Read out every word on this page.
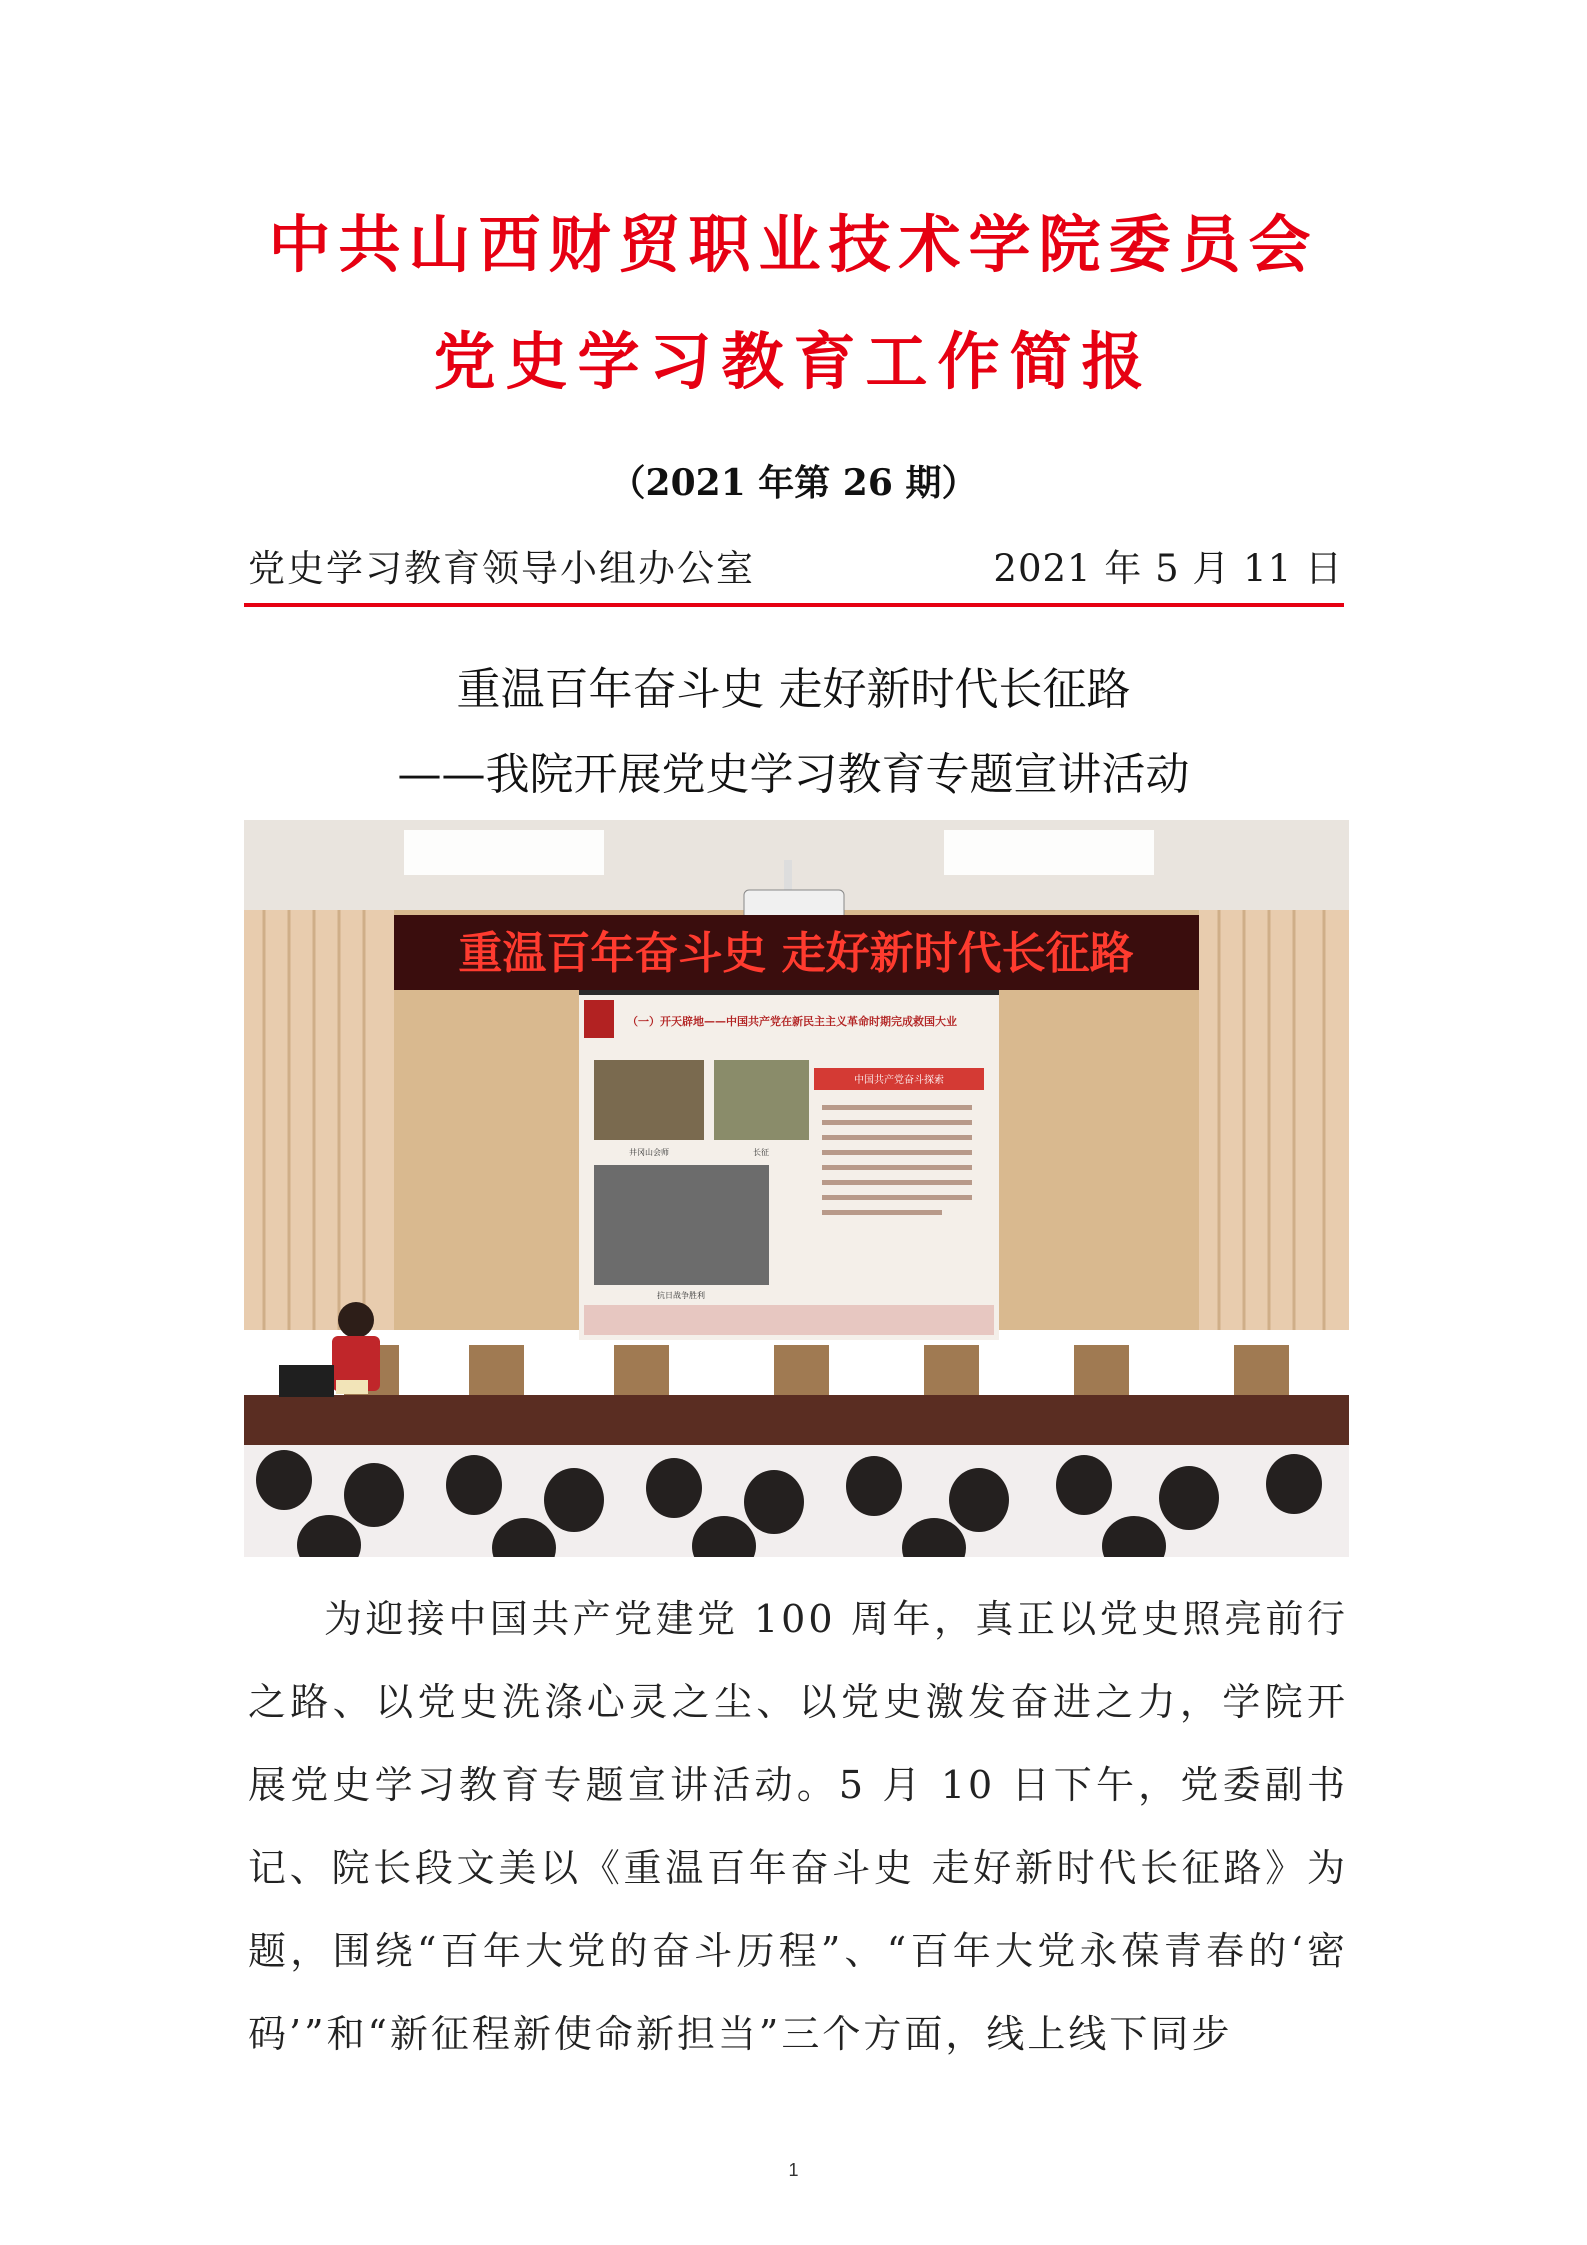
中共山西财贸职业技术学院委员会
党史学习教育工作简报
（2021 年第 26 期）
党史学习教育领导小组办公室	2021 年 5 月 11 日
重温百年奋斗史 走好新时代长征路
——我院开展党史学习教育专题宣讲活动
重温百年奋斗史 走好新时代长征路
（一）开天辟地——中国共产党在新民主主义革命时期完成救国大业
井冈山会师	长征
抗日战争胜利
中国共产党奋斗探索

为迎接中国共产党建党 100 周年，真正以党史照亮前行之路、以党史洗涤心灵之尘、以党史激发奋进之力，学院开展党史学习教育专题宣讲活动。5 月 10 日下午，党委副书记、院长段文美以《重温百年奋斗史 走好新时代长征路》为题，围绕“百年大党的奋斗历程”、“百年大党永葆青春的‘密码’”和“新征程新使命新担当”三个方面，线上线下同步

1
